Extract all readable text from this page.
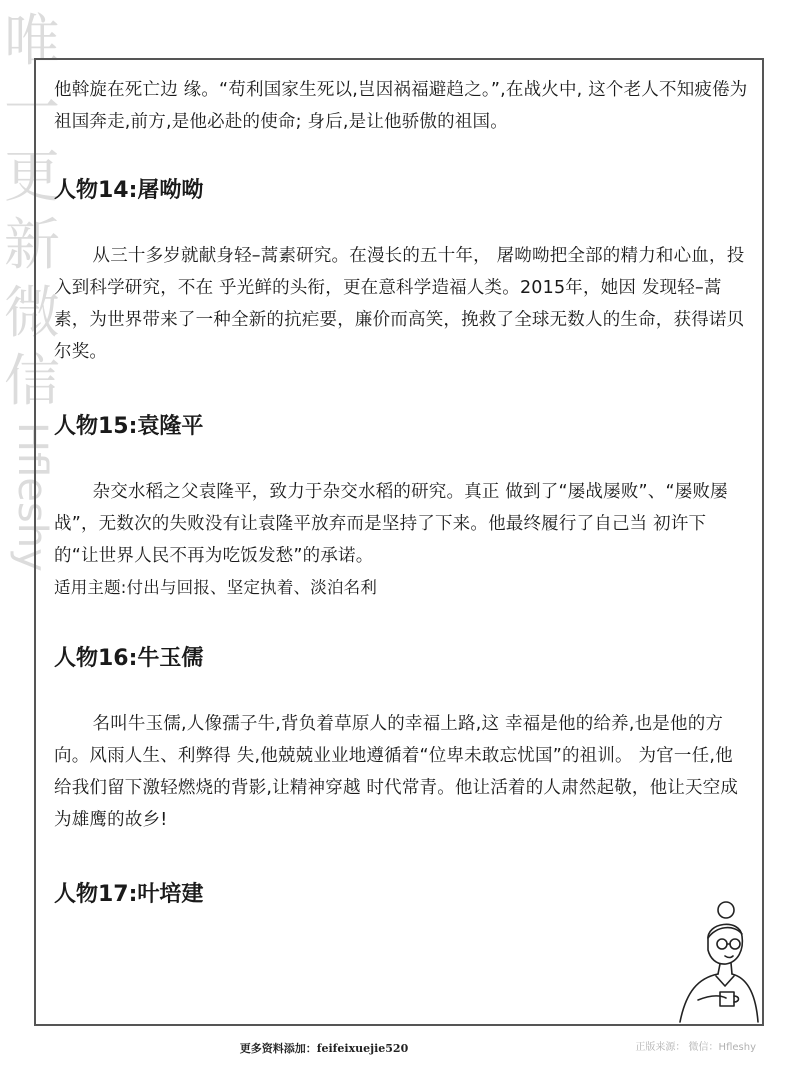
唯一更新微信
Hfleshy

他斡旋在死亡边 缘。“苟利国家生死以,岂因祸福避趋之。”,在战火中, 这个老人不知疲倦为祖国奔走,前方,是他必赴的使命; 身后,是让他骄傲的祖国。

人物14:屠呦呦

从三十多岁就献身轻–蒿素研究。在漫长的五十年， 屠呦呦把全部的精力和心血，投入到科学研究，不在 乎光鲜的头衔，更在意科学造福人类。2015年，她因 发现轻–蒿素，为世界带来了一种全新的抗疟要，廉价而高笑，挽救了全球无数人的生命，获得诺贝尔奖。

人物15:袁隆平

杂交水稻之父袁隆平，致力于杂交水稻的研究。真正 做到了“屡战屡败”、“屡败屡战”，无数次的失败没有让袁隆平放弃而是坚持了下来。他最终履行了自己当 初许下的“让世界人民不再为吃饭发愁”的承诺。

适用主题:付出与回报、坚定执着、淡泊名利

人物16:牛玉儒

名叫牛玉儒,人像孺子牛,背负着草原人的幸福上路,这 幸福是他的给养,也是他的方向。风雨人生、利弊得 失,他兢兢业业地遵循着“位卑未敢忘忧国”的祖训。 为官一任,他给我们留下激轻燃烧的背影,让精神穿越 时代常青。他让活着的人肃然起敬，他让天空成为雄鹰的故乡!

人物17:叶培建
更多资料添加：feifeixuejie520	正版来源： 微信：Hfleshy
